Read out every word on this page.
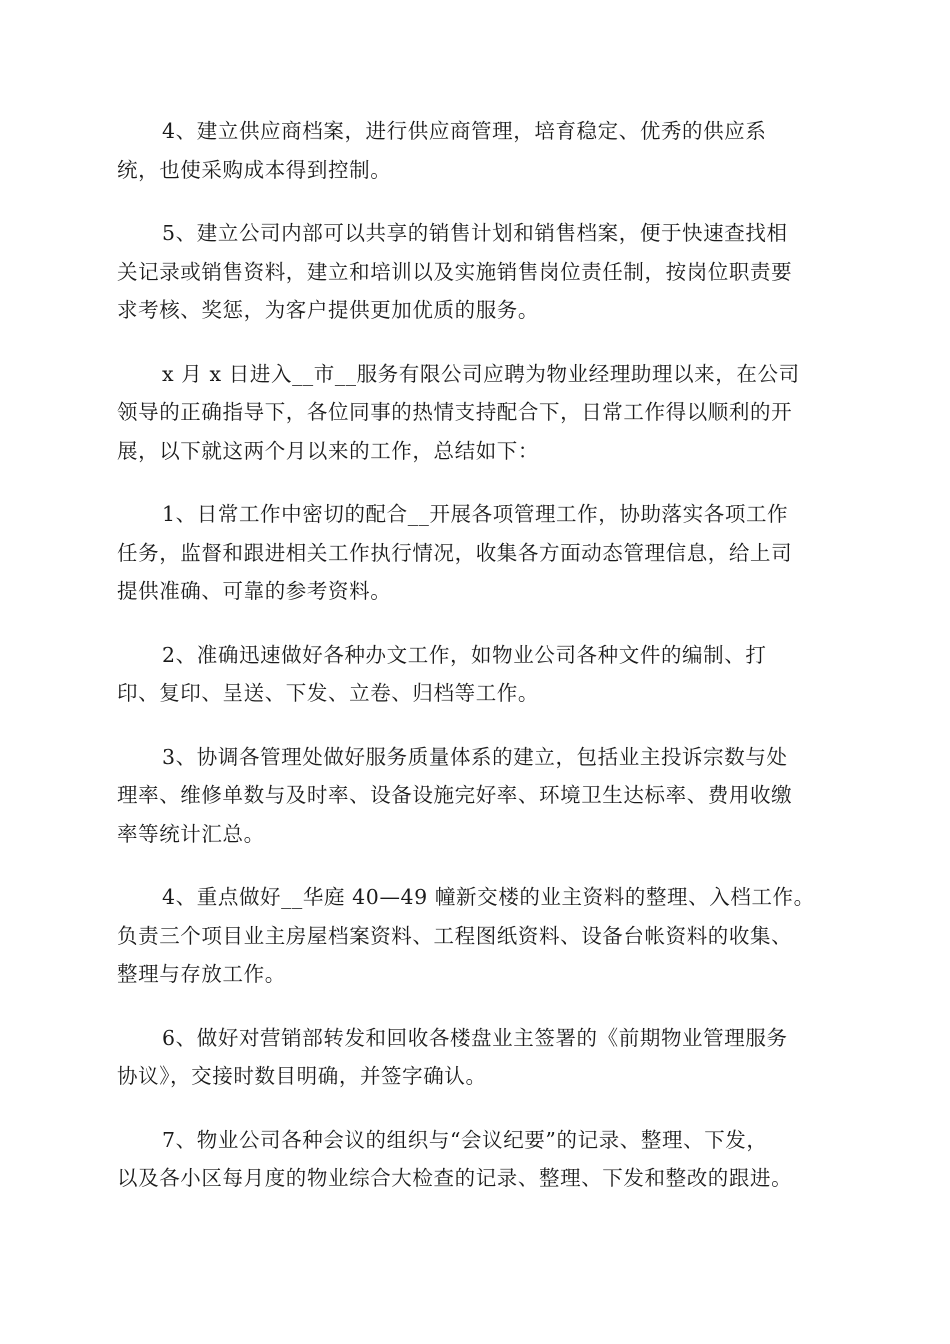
4、建立供应商档案，进行供应商管理，培育稳定、优秀的供应系
统，也使采购成本得到控制。

5、建立公司内部可以共享的销售计划和销售档案，便于快速查找相
关记录或销售资料，建立和培训以及实施销售岗位责任制，按岗位职责要
求考核、奖惩，为客户提供更加优质的服务。

x 月 x 日进入__市__服务有限公司应聘为物业经理助理以来，在公司
领导的正确指导下，各位同事的热情支持配合下，日常工作得以顺利的开
展，以下就这两个月以来的工作，总结如下：

1、日常工作中密切的配合__开展各项管理工作，协助落实各项工作
任务，监督和跟进相关工作执行情况，收集各方面动态管理信息，给上司
提供准确、可靠的参考资料。

2、准确迅速做好各种办文工作，如物业公司各种文件的编制、打
印、复印、呈送、下发、立卷、归档等工作。

3、协调各管理处做好服务质量体系的建立，包括业主投诉宗数与处
理率、维修单数与及时率、设备设施完好率、环境卫生达标率、费用收缴
率等统计汇总。

4、重点做好__华庭 40—49 幢新交楼的业主资料的整理、入档工作。
负责三个项目业主房屋档案资料、工程图纸资料、设备台帐资料的收集、
整理与存放工作。

6、做好对营销部转发和回收各楼盘业主签署的《前期物业管理服务
协议》，交接时数目明确，并签字确认。

7、物业公司各种会议的组织与“会议纪要”的记录、整理、下发，
以及各小区每月度的物业综合大检查的记录、整理、下发和整改的跟进。
